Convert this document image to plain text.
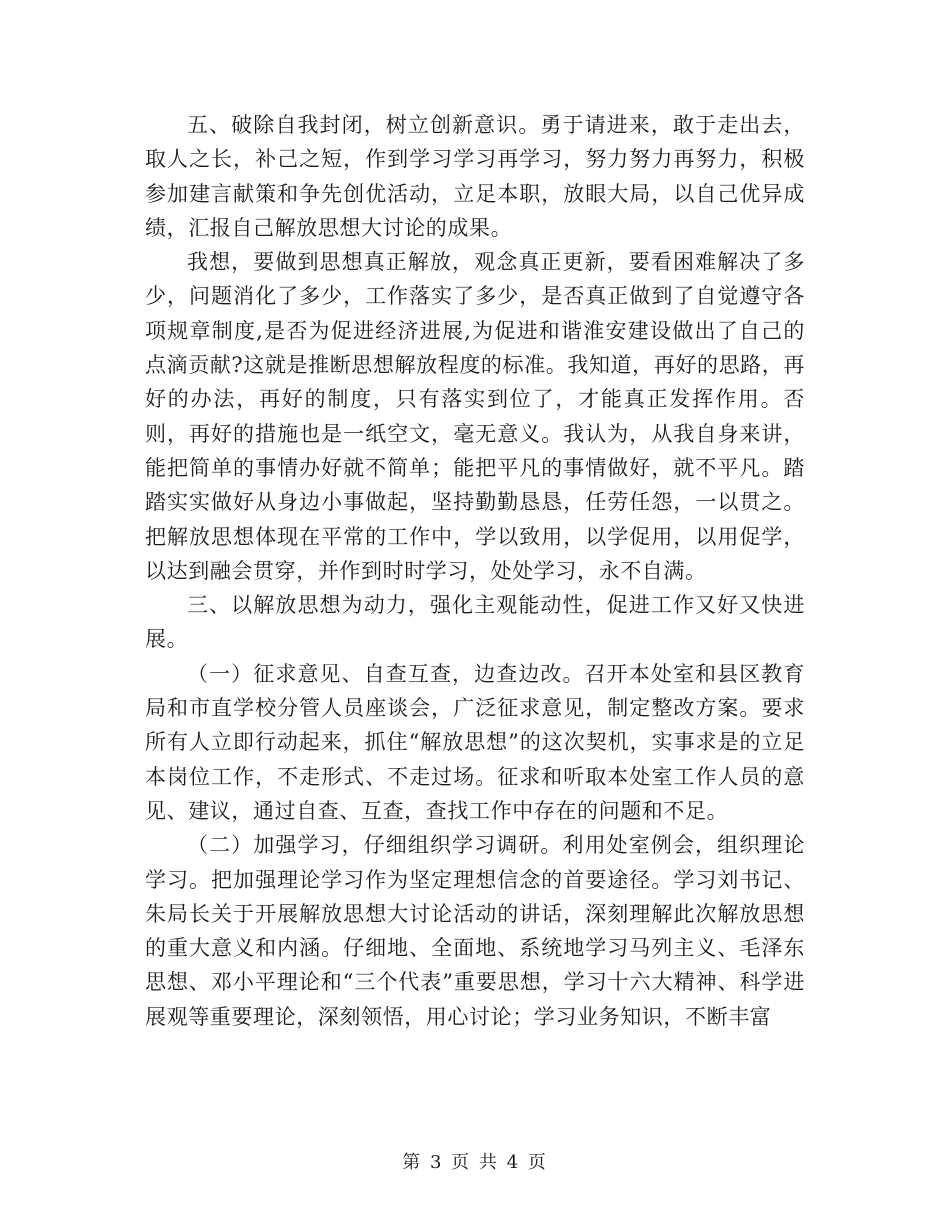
五、破除自我封闭，树立创新意识。勇于请进来，敢于走出去，取人之长，补己之短，作到学习学习再学习，努力努力再努力，积极参加建言献策和争先创优活动，立足本职，放眼大局，以自己优异成绩，汇报自己解放思想大讨论的成果。

我想，要做到思想真正解放，观念真正更新，要看困难解决了多少，问题消化了多少，工作落实了多少，是否真正做到了自觉遵守各项规章制度,是否为促进经济进展,为促进和谐淮安建设做出了自己的点滴贡献?这就是推断思想解放程度的标准。我知道，再好的思路，再好的办法，再好的制度，只有落实到位了，才能真正发挥作用。否则，再好的措施也是一纸空文，毫无意义。我认为，从我自身来讲，能把简单的事情办好就不简单；能把平凡的事情做好，就不平凡。踏踏实实做好从身边小事做起，坚持勤勤恳恳，任劳任怨，一以贯之。把解放思想体现在平常的工作中，学以致用，以学促用，以用促学，以达到融会贯穿，并作到时时学习，处处学习，永不自满。

三、以解放思想为动力，强化主观能动性，促进工作又好又快进展。

（一）征求意见、自查互查，边查边改。召开本处室和县区教育局和市直学校分管人员座谈会，广泛征求意见，制定整改方案。要求所有人立即行动起来，抓住“解放思想”的这次契机，实事求是的立足本岗位工作，不走形式、不走过场。征求和听取本处室工作人员的意见、建议，通过自查、互查，查找工作中存在的问题和不足。

（二）加强学习，仔细组织学习调研。利用处室例会，组织理论学习。把加强理论学习作为坚定理想信念的首要途径。学习刘书记、朱局长关于开展解放思想大讨论活动的讲话，深刻理解此次解放思想的重大意义和内涵。仔细地、全面地、系统地学习马列主义、毛泽东思想、邓小平理论和“三个代表”重要思想，学习十六大精神、科学进展观等重要理论，深刻领悟，用心讨论；学习业务知识，不断丰富

第 3 页 共 4 页
